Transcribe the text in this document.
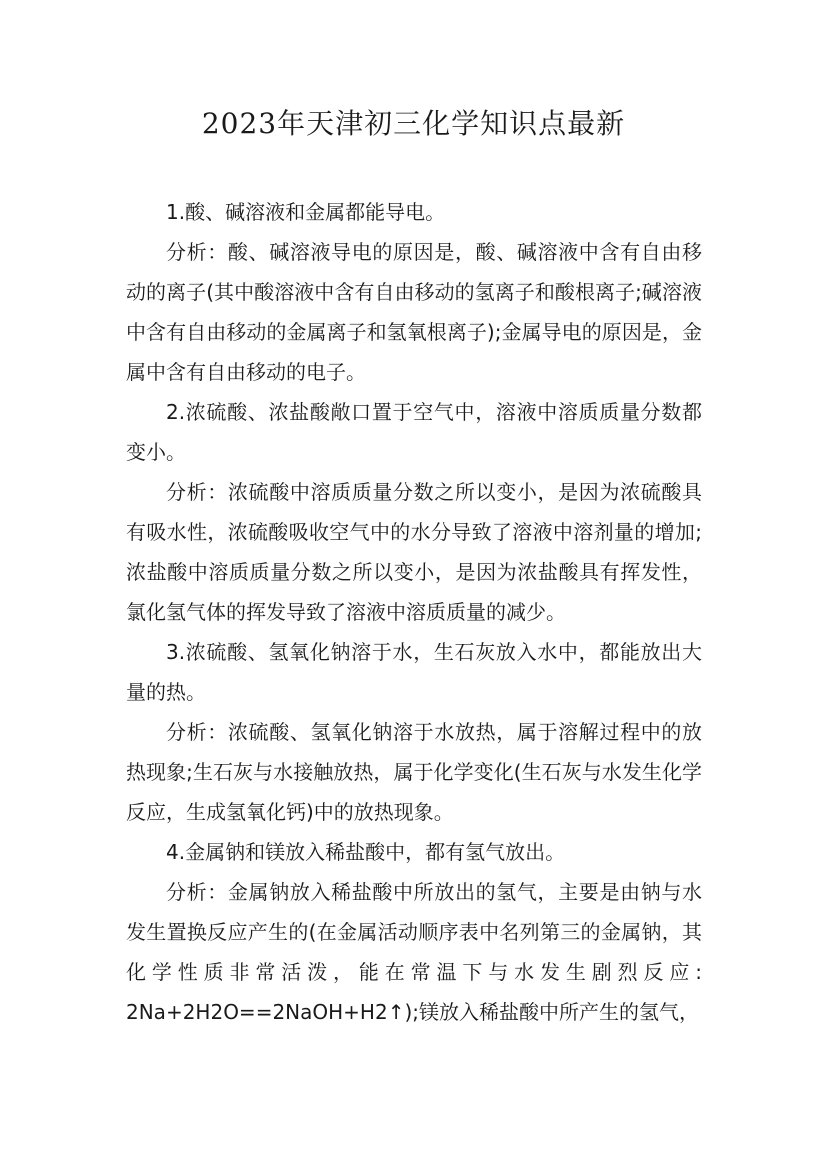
2023年天津初三化学知识点最新

1.酸、碱溶液和金属都能导电。

分析：酸、碱溶液导电的原因是，酸、碱溶液中含有自由移动的离子(其中酸溶液中含有自由移动的氢离子和酸根离子;碱溶液中含有自由移动的金属离子和氢氧根离子);金属导电的原因是，金属中含有自由移动的电子。

2.浓硫酸、浓盐酸敞口置于空气中，溶液中溶质质量分数都变小。

分析：浓硫酸中溶质质量分数之所以变小，是因为浓硫酸具有吸水性，浓硫酸吸收空气中的水分导致了溶液中溶剂量的增加;浓盐酸中溶质质量分数之所以变小，是因为浓盐酸具有挥发性，氯化氢气体的挥发导致了溶液中溶质质量的减少。

3.浓硫酸、氢氧化钠溶于水，生石灰放入水中，都能放出大量的热。

分析：浓硫酸、氢氧化钠溶于水放热，属于溶解过程中的放热现象;生石灰与水接触放热，属于化学变化(生石灰与水发生化学反应，生成氢氧化钙)中的放热现象。

4.金属钠和镁放入稀盐酸中，都有氢气放出。

分析：金属钠放入稀盐酸中所放出的氢气，主要是由钠与水发生置换反应产生的(在金属活动顺序表中名列第三的金属钠，其化学性质非常活泼，能在常温下与水发生剧烈反应: 2Na+2H2O==2NaOH+H2↑);镁放入稀盐酸中所产生的氢气，
